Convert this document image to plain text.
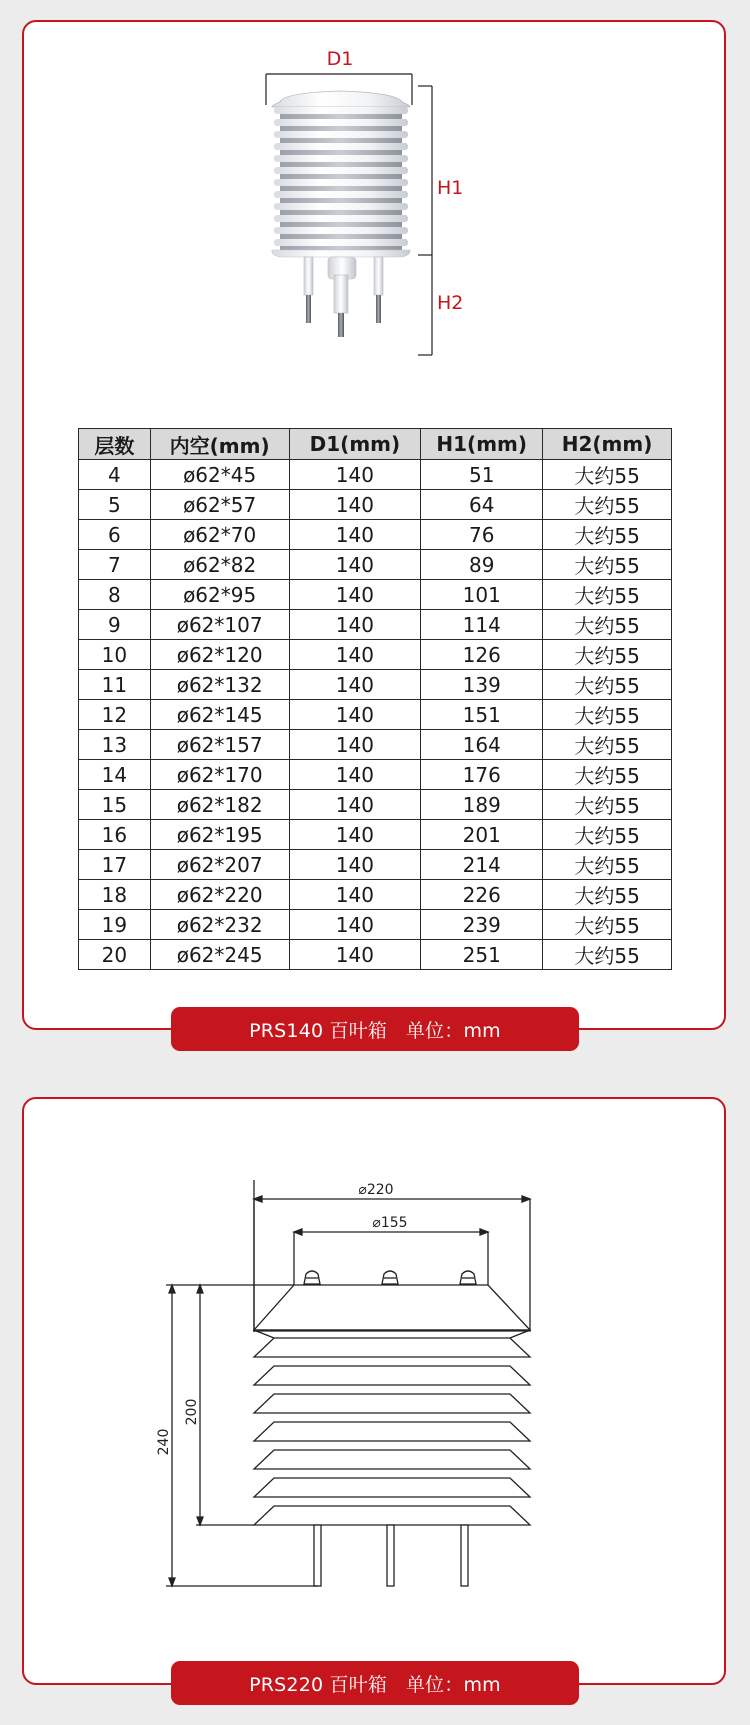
D1
H1
H2
层数	内空(mm)	D1(mm)	H1(mm)	H2(mm)
4	ø62*45	140	51	大约55
5	ø62*57	140	64	大约55
6	ø62*70	140	76	大约55
7	ø62*82	140	89	大约55
8	ø62*95	140	101	大约55
9	ø62*107	140	114	大约55
10	ø62*120	140	126	大约55
11	ø62*132	140	139	大约55
12	ø62*145	140	151	大约55
13	ø62*157	140	164	大约55
14	ø62*170	140	176	大约55
15	ø62*182	140	189	大约55
16	ø62*195	140	201	大约55
17	ø62*207	140	214	大约55
18	ø62*220	140	226	大约55
19	ø62*232	140	239	大约55
20	ø62*245	140	251	大约55
PRS140 百叶箱   单位：mm
⌀220
⌀155
240
200
PRS220 百叶箱   单位：mm
